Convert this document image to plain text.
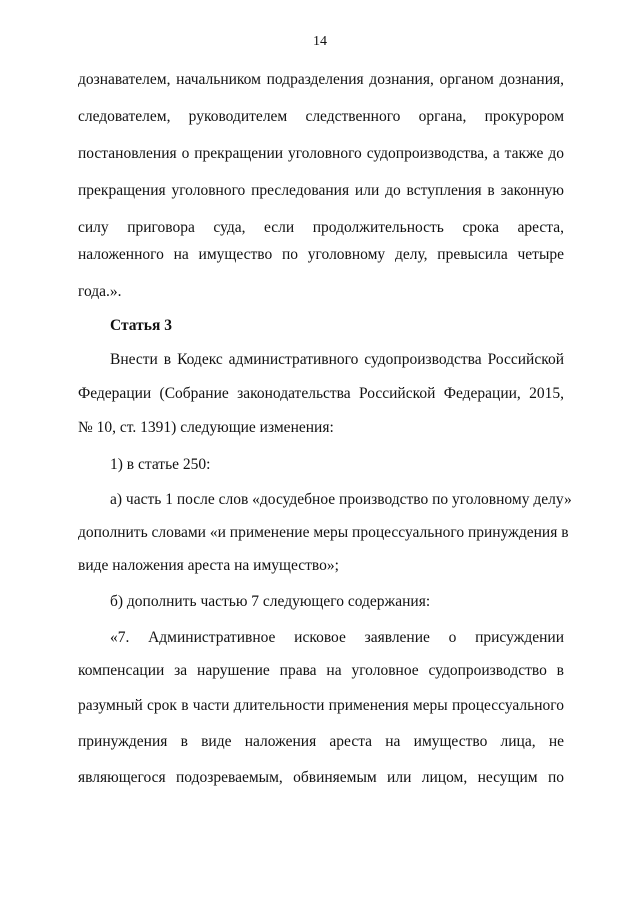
14
дознавателем, начальником подразделения дознания, органом дознания,
следователем, руководителем следственного органа, прокурором
постановления о прекращении уголовного судопроизводства, а также до
прекращения уголовного преследования или до вступления в законную
силу приговора суда, если продолжительность срока ареста,
наложенного на имущество по уголовному делу, превысила четыре
года.».
Статья 3
Внести в Кодекс административного судопроизводства Российской
Федерации (Собрание законодательства Российской Федерации, 2015,
№ 10, ст. 1391) следующие изменения:
1) в статье 250:
а) часть 1 после слов «досудебное производство по уголовному делу»
дополнить словами «и применение меры процессуального принуждения в
виде наложения ареста на имущество»;
б) дополнить частью 7 следующего содержания:
«7. Административное исковое заявление о присуждении
компенсации за нарушение права на уголовное судопроизводство в
разумный срок в части длительности применения меры процессуального
принуждения в виде наложения ареста на имущество лица, не
являющегося подозреваемым, обвиняемым или лицом, несущим по
